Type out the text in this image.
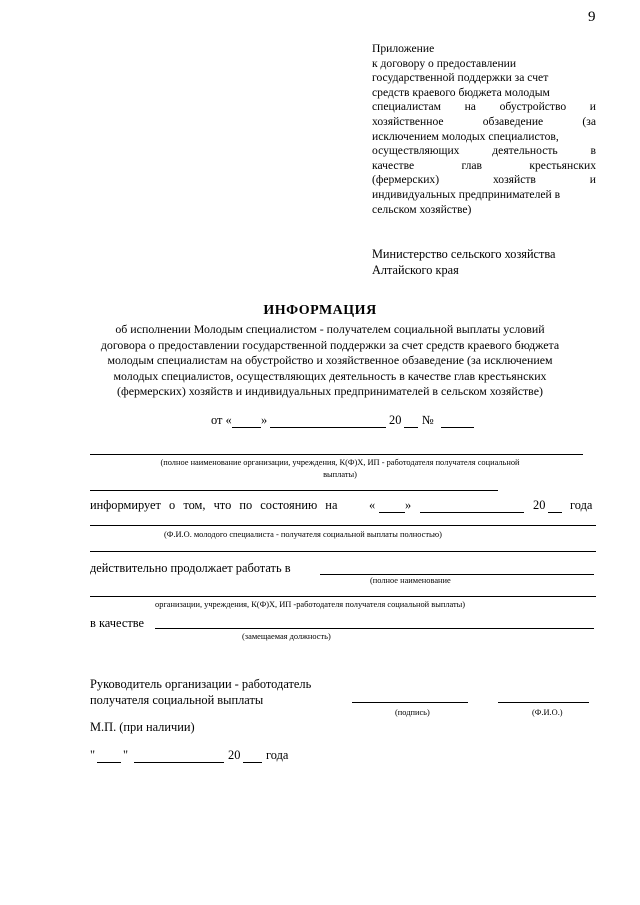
9
Приложение
к договору о предоставлении
государственной поддержки за счет
средств краевого бюджета молодым
специалистам на обустройство и
хозяйственное обзаведение (за
исключением молодых специалистов,
осуществляющих деятельность в
качестве глав крестьянских
(фермерских) хозяйств и
индивидуальных предпринимателей в
сельском хозяйстве)
Министерство сельского хозяйства
Алтайского края
ИНФОРМАЦИЯ
об исполнении Молодым специалистом - получателем социальной выплаты условий
договора о предоставлении государственной поддержки за счет средств краевого бюджета
молодым специалистам на обустройство и хозяйственное обзаведение (за исключением
молодых специалистов, осуществляющих деятельность в качестве глав крестьянских
(фермерских) хозяйств и индивидуальных предпринимателей в сельском хозяйстве)
от « »	20 №
(полное наименование организации, учреждения, К(Ф)Х, ИП - работодателя получателя социальной
выплаты)
информирует о том, что по состоянию на	« »	20 года
(Ф.И.О. молодого специалиста - получателя социальной выплаты полностью)
действительно продолжает работать в
(полное наименование
организации, учреждения, К(Ф)Х, ИП -работодателя получателя социальной выплаты)
в качестве
(замещаемая должность)
Руководитель организации - работодатель
получателя социальной выплаты
(подпись)	(Ф.И.О.)
М.П. (при наличии)
" "	20 года
